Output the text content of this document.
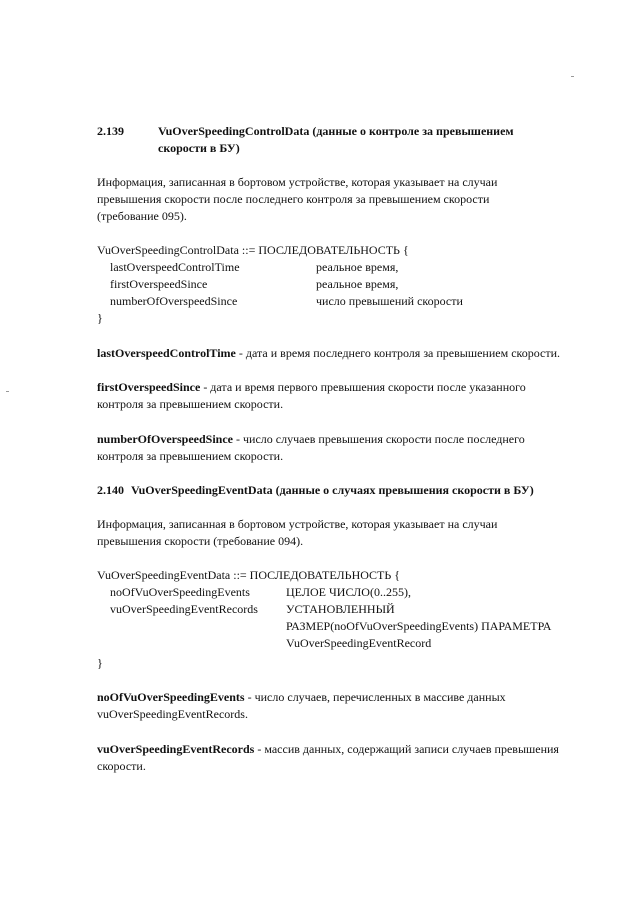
2.139	VuOverSpeedingControlData (данные о контроле за превышением
скорости в БУ)
Информация, записанная в бортовом устройстве, которая указывает на случаи
превышения скорости после последнего контроля за превышением скорости
(требование 095).
VuOverSpeedingControlData ::= ПОСЛЕДОВАТЕЛЬНОСТЬ {
lastOverspeedControlTime	реальное время,
firstOverspeedSince	реальное время,
numberOfOverspeedSince	число превышений скорости
}
lastOverspeedControlTime - дата и время последнего контроля за превышением скорости.
firstOverspeedSince - дата и время первого превышения скорости после указанного
контроля за превышением скорости.
numberOfOverspeedSince - число случаев превышения скорости после последнего
контроля за превышением скорости.
2.140 VuOverSpeedingEventData (данные о случаях превышения скорости в БУ)
Информация, записанная в бортовом устройстве, которая указывает на случаи
превышения скорости (требование 094).
VuOverSpeedingEventData ::= ПОСЛЕДОВАТЕЛЬНОСТЬ {
noOfVuOverSpeedingEvents	ЦЕЛОЕ ЧИСЛО(0..255),
vuOverSpeedingEventRecords УСТАНОВЛЕННЫЙ
РАЗМЕР(noOfVuOverSpeedingEvents) ПАРАМЕТРА
VuOverSpeedingEventRecord
}
noOfVuOverSpeedingEvents - число случаев, перечисленных в массиве данных
vuOverSpeedingEventRecords.
vuOverSpeedingEventRecords - массив данных, содержащий записи случаев превышения
скорости.
